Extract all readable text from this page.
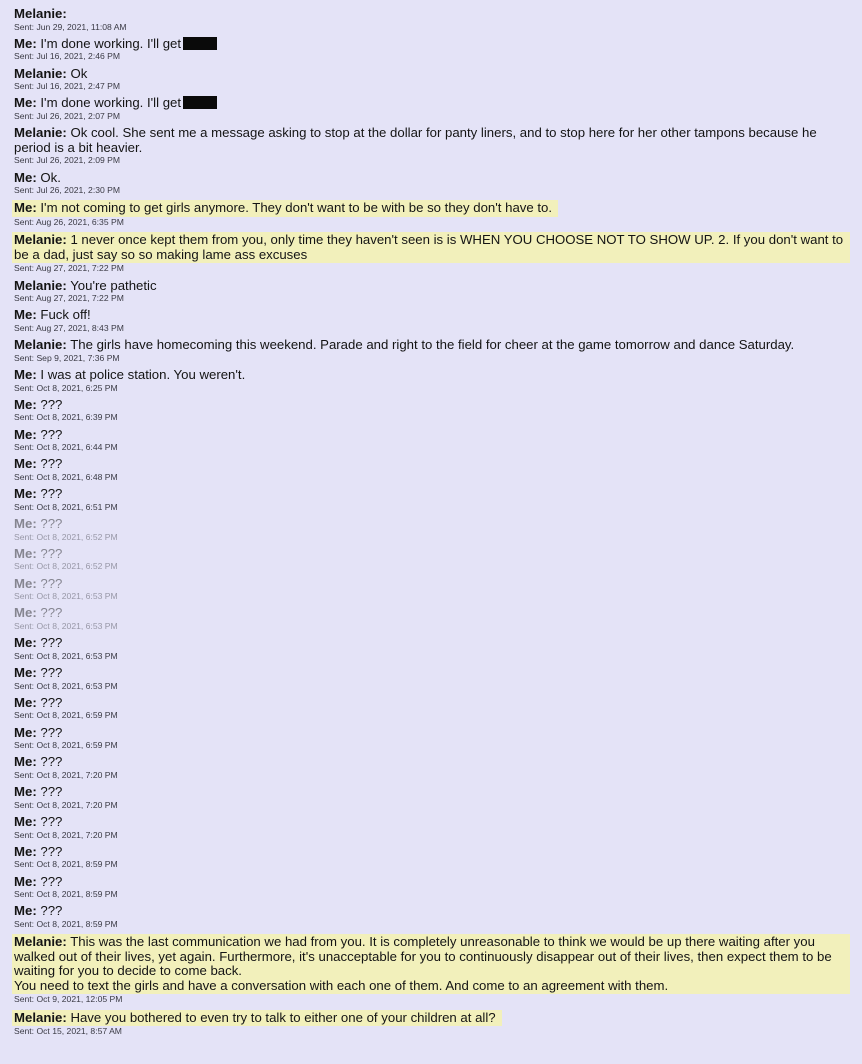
Melanie:
Sent: Jun 29, 2021, 11:08 AM
Me: I'm done working. I'll get
Sent: Jul 16, 2021, 2:46 PM
Melanie: Ok
Sent: Jul 16, 2021, 2:47 PM
Me: I'm done working. I'll get
Sent: Jul 26, 2021, 2:07 PM
Melanie: Ok cool. She sent me a message asking to stop at the dollar for panty liners, and to stop here for her other tampons because he period is a bit heavier.
Sent: Jul 26, 2021, 2:09 PM
Me: Ok.
Sent: Jul 26, 2021, 2:30 PM
Me: I'm not coming to get girls anymore. They don't want to be with be so they don't have to.
Sent: Aug 26, 2021, 6:35 PM
Melanie: 1 never once kept them from you, only time they haven't seen is is WHEN YOU CHOOSE NOT TO SHOW UP. 2. If you don't want to be a dad, just say so so making lame ass excuses
Sent: Aug 27, 2021, 7:22 PM
Melanie: You're pathetic
Sent: Aug 27, 2021, 7:22 PM
Me: Fuck off!
Sent: Aug 27, 2021, 8:43 PM
Melanie: The girls have homecoming this weekend. Parade and right to the field for cheer at the game tomorrow and dance Saturday.
Sent: Sep 9, 2021, 7:36 PM
Me: I was at police station. You weren't.
Sent: Oct 8, 2021, 6:25 PM
Me: ???
Sent: Oct 8, 2021, 6:39 PM
Me: ???
Sent: Oct 8, 2021, 6:44 PM
Me: ???
Sent: Oct 8, 2021, 6:48 PM
Me: ???
Sent: Oct 8, 2021, 6:51 PM
Me: ???
Sent: Oct 8, 2021, 6:52 PM
Me: ???
Sent: Oct 8, 2021, 6:52 PM
Me: ???
Sent: Oct 8, 2021, 6:53 PM
Me: ???
Sent: Oct 8, 2021, 6:53 PM
Me: ???
Sent: Oct 8, 2021, 6:53 PM
Me: ???
Sent: Oct 8, 2021, 6:53 PM
Me: ???
Sent: Oct 8, 2021, 6:59 PM
Me: ???
Sent: Oct 8, 2021, 6:59 PM
Me: ???
Sent: Oct 8, 2021, 7:20 PM
Me: ???
Sent: Oct 8, 2021, 7:20 PM
Me: ???
Sent: Oct 8, 2021, 7:20 PM
Me: ???
Sent: Oct 8, 2021, 8:59 PM
Me: ???
Sent: Oct 8, 2021, 8:59 PM
Me: ???
Sent: Oct 8, 2021, 8:59 PM
Melanie: This was the last communication we had from you. It is completely unreasonable to think we would be up there waiting after you walked out of their lives, yet again. Furthermore, it's unacceptable for you to continuously disappear out of their lives, then expect them to be waiting for you to decide to come back.
You need to text the girls and have a conversation with each one of them. And come to an agreement with them.
Sent: Oct 9, 2021, 12:05 PM
Melanie: Have you bothered to even try to talk to either one of your children at all?
Sent: Oct 15, 2021, 8:57 AM
